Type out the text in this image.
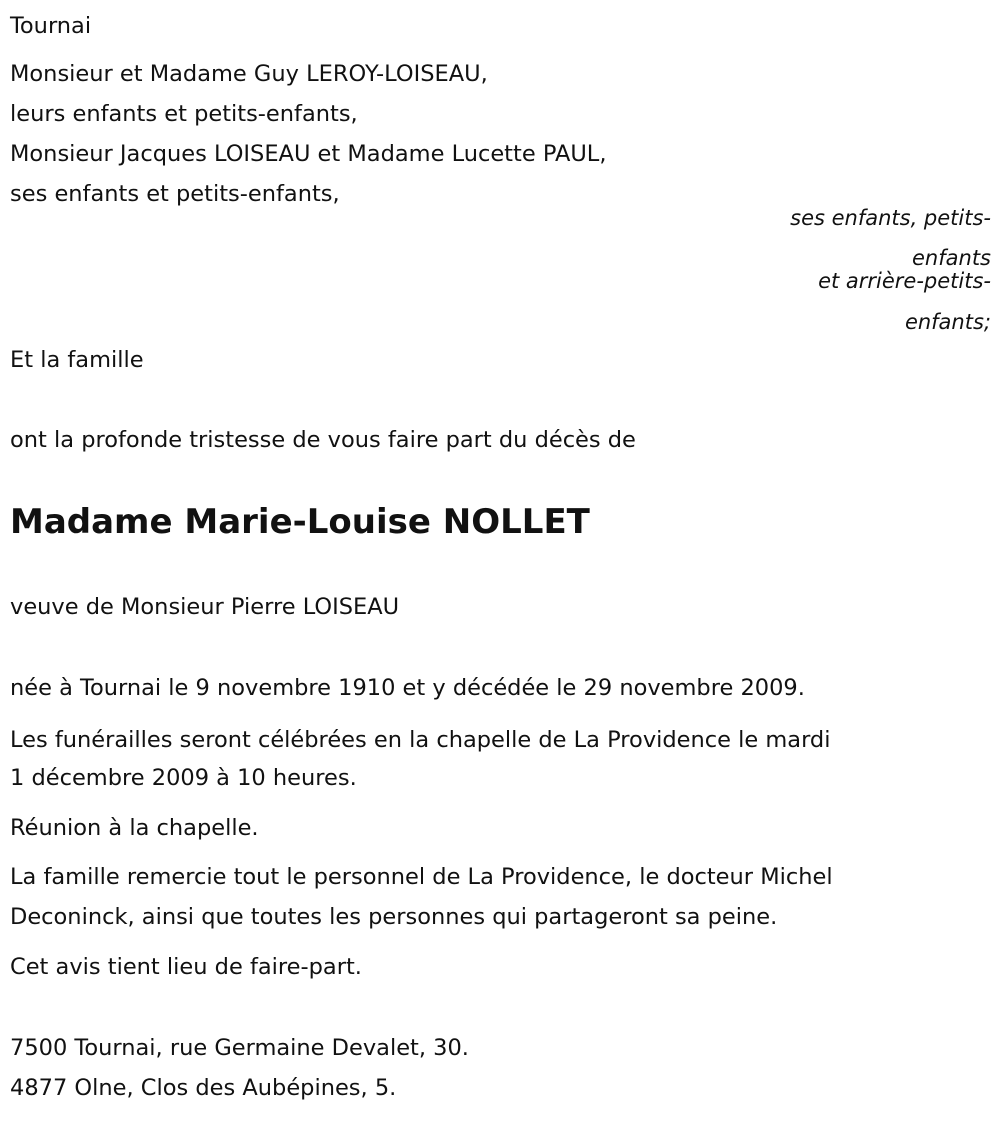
Tournai
Monsieur et Madame Guy LEROY-LOISEAU,
leurs enfants et petits-enfants,
Monsieur Jacques LOISEAU et Madame Lucette PAUL,
ses enfants et petits-enfants,
ses enfants, petits-
enfants
et arrière-petits-
enfants;
Et la famille
ont la profonde tristesse de vous faire part du décès de
Madame Marie-Louise NOLLET
veuve de Monsieur Pierre LOISEAU
née à Tournai le 9 novembre 1910 et y décédée le 29 novembre 2009.
Les funérailles seront célébrées en la chapelle de La Providence le mardi
1 décembre 2009 à 10 heures.
Réunion à la chapelle.
La famille remercie tout le personnel de La Providence, le docteur Michel
Deconinck, ainsi que toutes les personnes qui partageront sa peine.
Cet avis tient lieu de faire-part.
7500 Tournai, rue Germaine Devalet, 30.
4877 Olne, Clos des Aubépines, 5.
